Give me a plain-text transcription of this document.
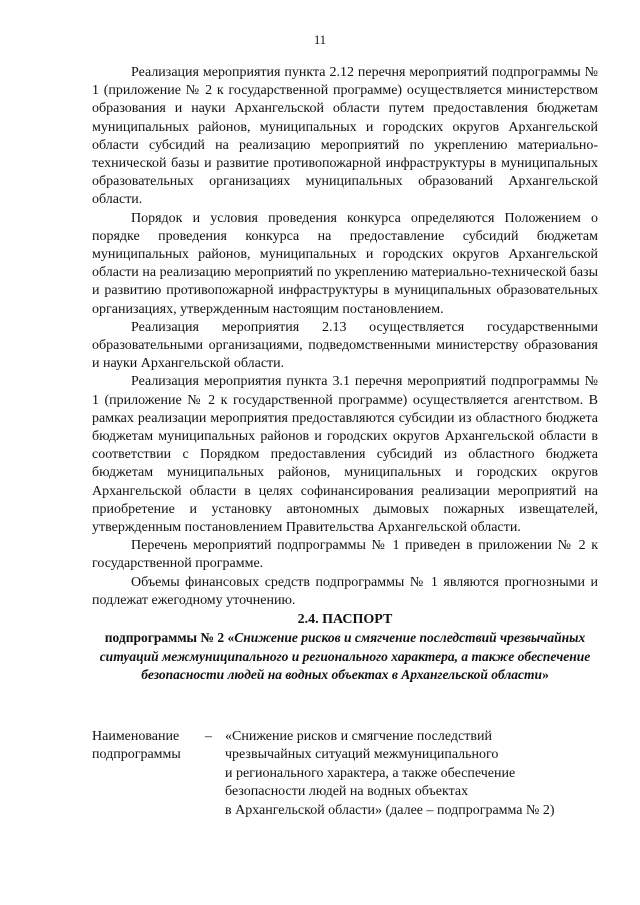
11

Реализация мероприятия пункта 2.12 перечня мероприятий подпрограммы № 1 (приложение № 2 к государственной программе) осуществляется министерством образования и науки Архангельской области путем предоставления бюджетам муниципальных районов, муниципальных и городских округов Архангельской области субсидий на реализацию мероприятий по укреплению материально-технической базы и развитие противопожарной инфраструктуры в муниципальных образовательных организациях муниципальных образований Архангельской области.

Порядок и условия проведения конкурса определяются Положением о порядке проведения конкурса на предоставление субсидий бюджетам муниципальных районов, муниципальных и городских округов Архангельской области на реализацию мероприятий по укреплению материально-технической базы и развитию противопожарной инфраструктуры в муниципальных образовательных организациях, утвержденным настоящим постановлением.

Реализация мероприятия 2.13 осуществляется государственными образовательными организациями, подведомственными министерству образования и науки Архангельской области.

Реализация мероприятия пункта 3.1 перечня мероприятий подпрограммы № 1 (приложение № 2 к государственной программе) осуществляется агентством. В рамках реализации мероприятия предоставляются субсидии из областного бюджета бюджетам муниципальных районов и городских округов Архангельской области в соответствии с Порядком предоставления субсидий из областного бюджета бюджетам муниципальных районов, муниципальных и городских округов Архангельской области в целях софинансирования реализации мероприятий на приобретение и установку автономных дымовых пожарных извещателей, утвержденным постановлением Правительства Архангельской области.

Перечень мероприятий подпрограммы № 1 приведен в приложении № 2 к государственной программе.

Объемы финансовых средств подпрограммы № 1 являются прогнозными и подлежат ежегодному уточнению.

2.4. ПАСПОРТ
подпрограммы № 2 «Снижение рисков и смягчение последствий чрезвычайных ситуаций межмуниципального и регионального характера, а также обеспечение безопасности людей на водных объектах в Архангельской области»
Наименование
подпрограммы
– «Снижение рисков и смягчение последствий
чрезвычайных ситуаций межмуниципального
и регионального характера, а также обеспечение
безопасности людей на водных объектах
в Архангельской области» (далее – подпрограмма № 2)
